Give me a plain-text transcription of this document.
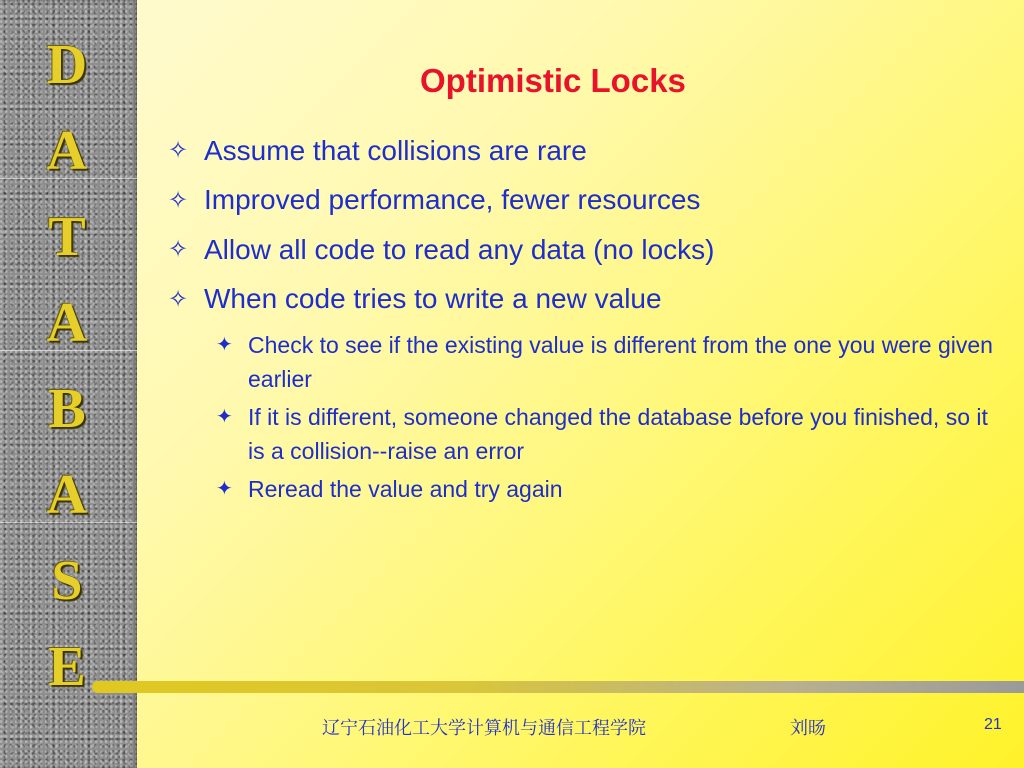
D
A
T
A
B
A
S
E
Optimistic Locks
✧ Assume that collisions are rare
✧ Improved performance, fewer resources
✧ Allow all code to read any data (no locks)
✧ When code tries to write a new value
✦ Check to see if the existing value is different from the one you were given earlier
✦ If it is different, someone changed the database before you finished, so it is a collision--raise an error
✦ Reread the value and try again
辽宁石油化工大学计算机与通信工程学院	刘旸	21
